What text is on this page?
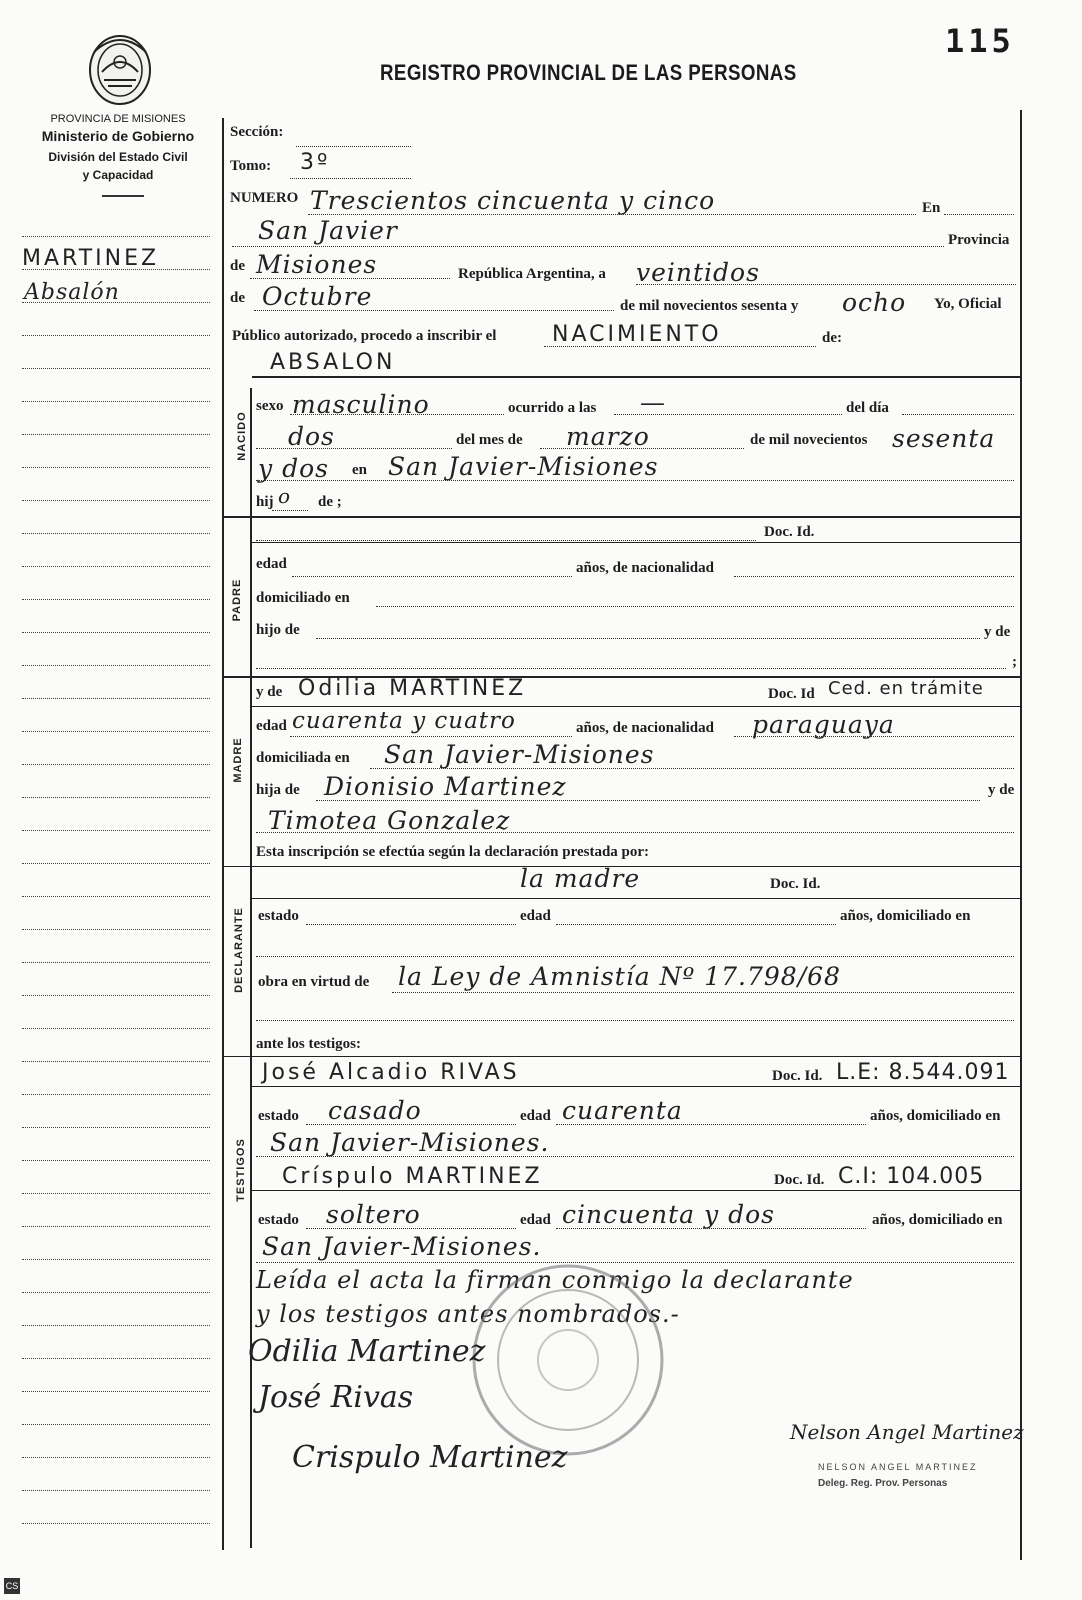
115
PROVINCIA DE MISIONES
Ministerio de Gobierno
División del Estado Civil
y Capacidad
REGISTRO PROVINCIAL DE LAS PERSONAS
MARTINEZ
Absalón
Sección:
Tomo: 3º
NUMERO Trescientos cincuenta y cinco	En
San Javier	Provincia
de Misiones	República Argentina, a veintidos
de Octubre	de mil novecientos sesenta y ocho Yo, Oficial
Público autorizado, procedo a inscribir el	NACIMIENTO	de:
ABSALON
NACIDO
sexo masculino	ocurrido a las —	del día
dos	del mes de marzo	de mil novecientos sesenta
y dos en San Javier-Misiones
hij o de ;
Doc. Id.
PADRE
edad	años, de nacionalidad
domiciliado en
hijo de	y de
;
y de Odilia MARTINEZ	Doc. Id Ced. en trámite
MADRE
edad cuarenta y cuatro	años, de nacionalidad paraguaya
domiciliada en San Javier-Misiones
hija de Dionisio Martinez	y de
Timotea Gonzalez
Esta inscripción se efectúa según la declaración prestada por:
la madre	Doc. Id.
DECLARANTE estado	edad	años, domiciliado en
obra en virtud de la Ley de Amnistía Nº 17.798/68
ante los testigos:
José Alcadio RIVAS	Doc. Id. L.E: 8.544.091
TESTIGOS
estado casado	edad cuarenta	años, domiciliado en
San Javier-Misiones.
Críspulo MARTINEZ	Doc. Id. C.I: 104.005
estado soltero	edad cincuenta y dos	años, domiciliado en
San Javier-Misiones.
Leída el acta la firman conmigo la declarante
y los testigos antes nombrados.-
Odilia Martinez
José Rivas
Crispulo Martinez
Nelson Angel Martinez
NELSON ANGEL MARTINEZ
Deleg. Reg. Prov. Personas
CS
